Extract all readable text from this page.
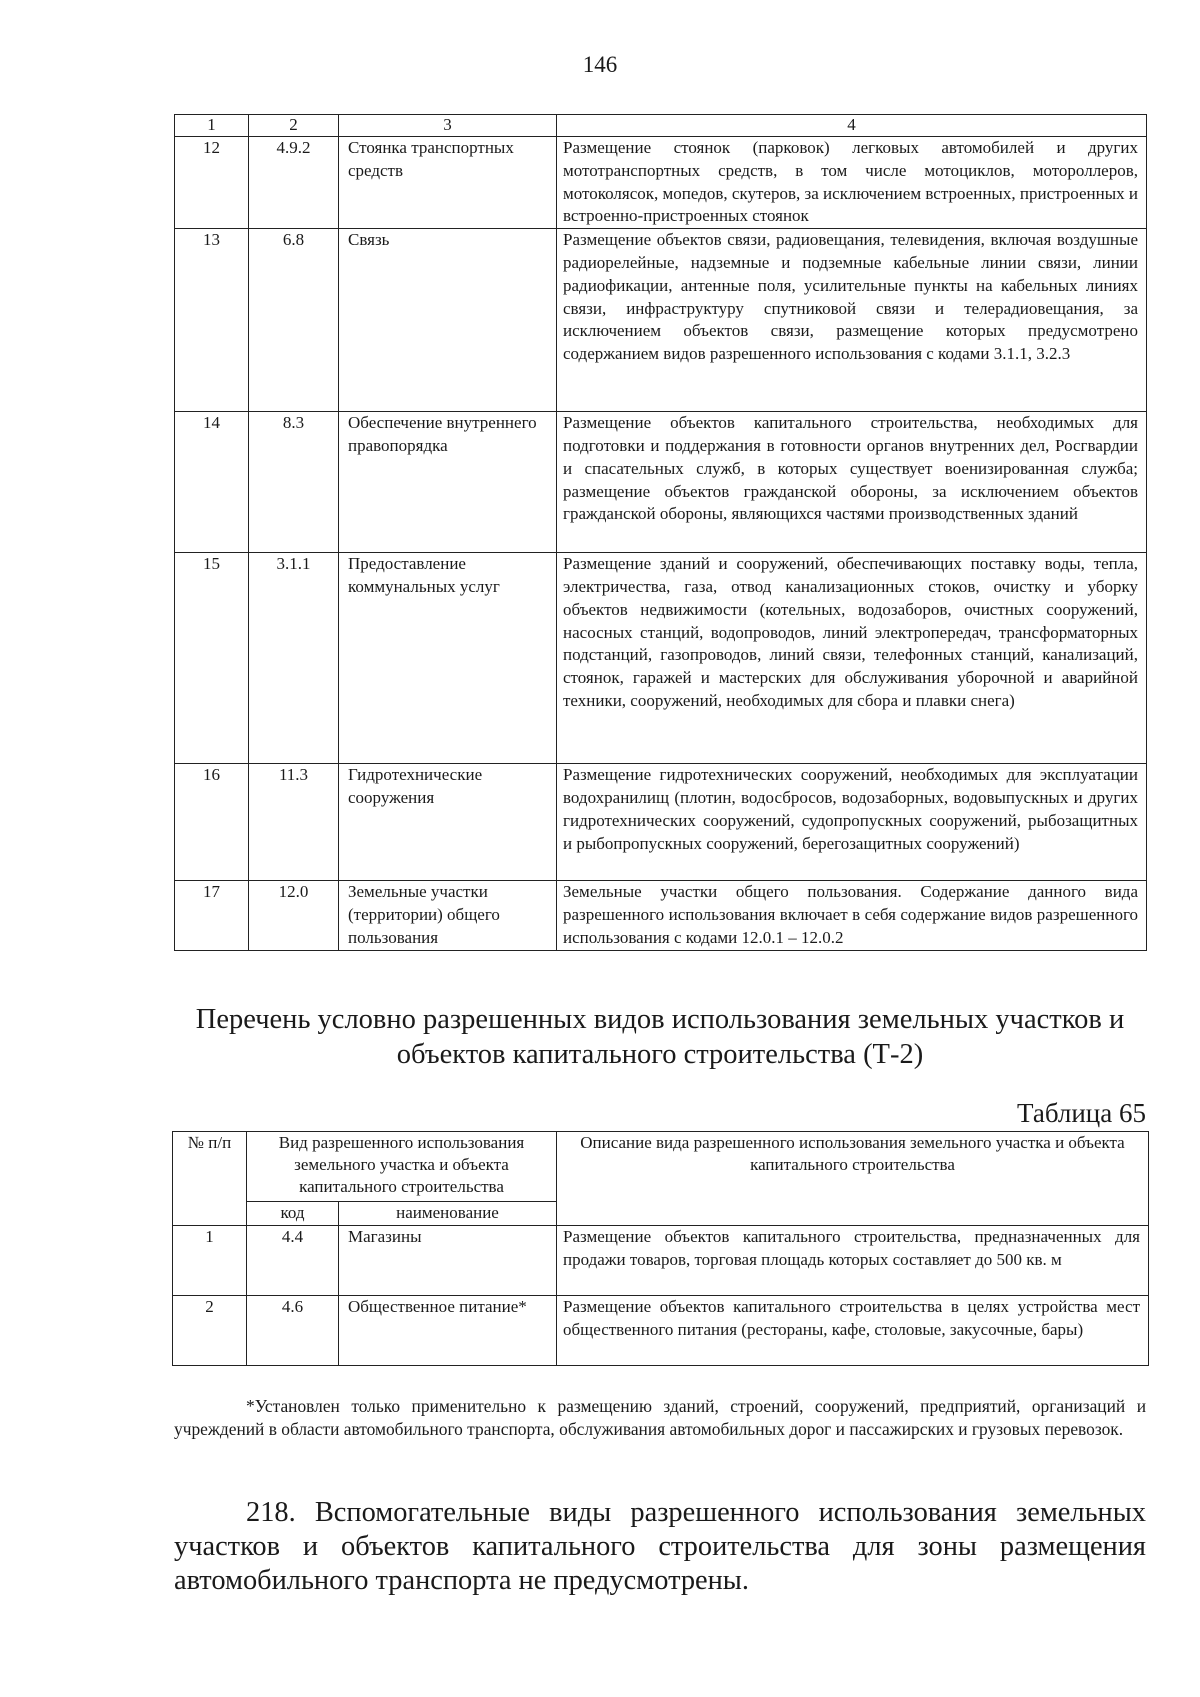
146
1	2	3	4
12	4.9.2	Стоянка транспортных средств	Размещение стоянок (парковок) легковых автомобилей и других мототранспортных средств, в том числе мотоциклов, мотороллеров, мотоколясок, мопедов, скутеров, за исключением встроенных, пристроенных и встроенно-пристроенных стоянок
13	6.8	Связь	Размещение объектов связи, радиовещания, телевидения, включая воздушные радиорелейные, надземные и подземные кабельные линии связи, линии радиофикации, антенные поля, усилительные пункты на кабельных линиях связи, инфраструктуру спутниковой связи и телерадиовещания, за исключением объектов связи, размещение которых предусмотрено содержанием видов разрешенного использования с кодами 3.1.1, 3.2.3
14	8.3	Обеспечение внутреннего правопорядка	Размещение объектов капитального строительства, необходимых для подготовки и поддержания в готовности органов внутренних дел, Росгвардии и спасательных служб, в которых существует военизированная служба; размещение объектов гражданской обороны, за исключением объектов гражданской обороны, являющихся частями производственных зданий
15	3.1.1	Предоставление коммунальных услуг	Размещение зданий и сооружений, обеспечивающих поставку воды, тепла, электричества, газа, отвод канализационных стоков, очистку и уборку объектов недвижимости (котельных, водозаборов, очистных сооружений, насосных станций, водопроводов, линий электропередач, трансформаторных подстанций, газопроводов, линий связи, телефонных станций, канализаций, стоянок, гаражей и мастерских для обслуживания уборочной и аварийной техники, сооружений, необходимых для сбора и плавки снега)
16	11.3	Гидротехнические сооружения	Размещение гидротехнических сооружений, необходимых для эксплуатации водохранилищ (плотин, водосбросов, водозаборных, водовыпускных и других гидротехнических сооружений, судопропускных сооружений, рыбозащитных и рыбопропускных сооружений, берегозащитных сооружений)
17	12.0	Земельные участки (территории) общего пользования	Земельные участки общего пользования. Содержание данного вида разрешенного использования включает в себя содержание видов разрешенного использования с кодами 12.0.1 – 12.0.2
Перечень условно разрешенных видов использования земельных участков и объектов капитального строительства (Т-2)
Таблица 65
№ п/п	Вид разрешенного использования земельного участка и объекта капитального строительства		Описание вида разрешенного использования земельного участка и объекта капитального строительства
	код	наименование	
1	4.4	Магазины	Размещение объектов капитального строительства, предназначенных для продажи товаров, торговая площадь которых составляет до 500 кв. м
2	4.6	Общественное питание*	Размещение объектов капитального строительства в целях устройства мест общественного питания (рестораны, кафе, столовые, закусочные, бары)
*Установлен только применительно к размещению зданий, строений, сооружений, предприятий, организаций и учреждений в области автомобильного транспорта, обслуживания автомобильных дорог и пассажирских и грузовых перевозок.
218. Вспомогательные виды разрешенного использования земельных участков и объектов капитального строительства для зоны размещения автомобильного транспорта не предусмотрены.
